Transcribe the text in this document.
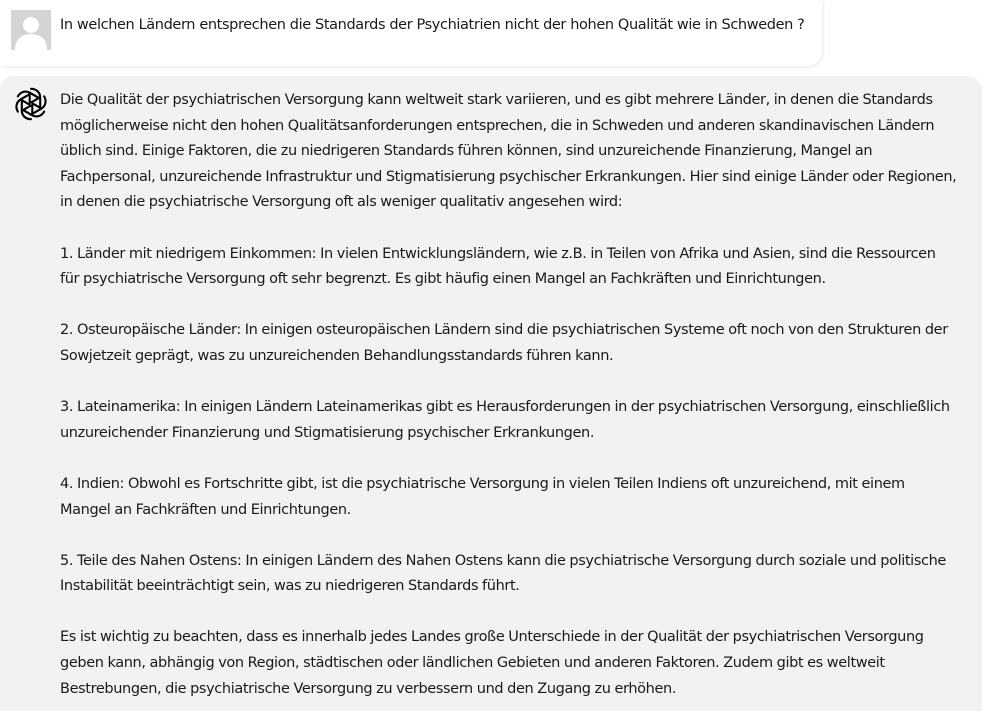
In welchen Ländern entsprechen die Standards der Psychiatrien nicht der hohen Qualität wie in Schweden ?
Die Qualität der psychiatrischen Versorgung kann weltweit stark variieren, und es gibt mehrere Länder, in denen die Standards
möglicherweise nicht den hohen Qualitätsanforderungen entsprechen, die in Schweden und anderen skandinavischen Ländern
üblich sind. Einige Faktoren, die zu niedrigeren Standards führen können, sind unzureichende Finanzierung, Mangel an
Fachpersonal, unzureichende Infrastruktur und Stigmatisierung psychischer Erkrankungen. Hier sind einige Länder oder Regionen,
in denen die psychiatrische Versorgung oft als weniger qualitativ angesehen wird:
1. Länder mit niedrigem Einkommen: In vielen Entwicklungsländern, wie z.B. in Teilen von Afrika und Asien, sind die Ressourcen
für psychiatrische Versorgung oft sehr begrenzt. Es gibt häufig einen Mangel an Fachkräften und Einrichtungen.
2. Osteuropäische Länder: In einigen osteuropäischen Ländern sind die psychiatrischen Systeme oft noch von den Strukturen der
Sowjetzeit geprägt, was zu unzureichenden Behandlungsstandards führen kann.
3. Lateinamerika: In einigen Ländern Lateinamerikas gibt es Herausforderungen in der psychiatrischen Versorgung, einschließlich
unzureichender Finanzierung und Stigmatisierung psychischer Erkrankungen.
4. Indien: Obwohl es Fortschritte gibt, ist die psychiatrische Versorgung in vielen Teilen Indiens oft unzureichend, mit einem
Mangel an Fachkräften und Einrichtungen.
5. Teile des Nahen Ostens: In einigen Ländern des Nahen Ostens kann die psychiatrische Versorgung durch soziale und politische
Instabilität beeinträchtigt sein, was zu niedrigeren Standards führt.
Es ist wichtig zu beachten, dass es innerhalb jedes Landes große Unterschiede in der Qualität der psychiatrischen Versorgung
geben kann, abhängig von Region, städtischen oder ländlichen Gebieten und anderen Faktoren. Zudem gibt es weltweit
Bestrebungen, die psychiatrische Versorgung zu verbessern und den Zugang zu erhöhen.
